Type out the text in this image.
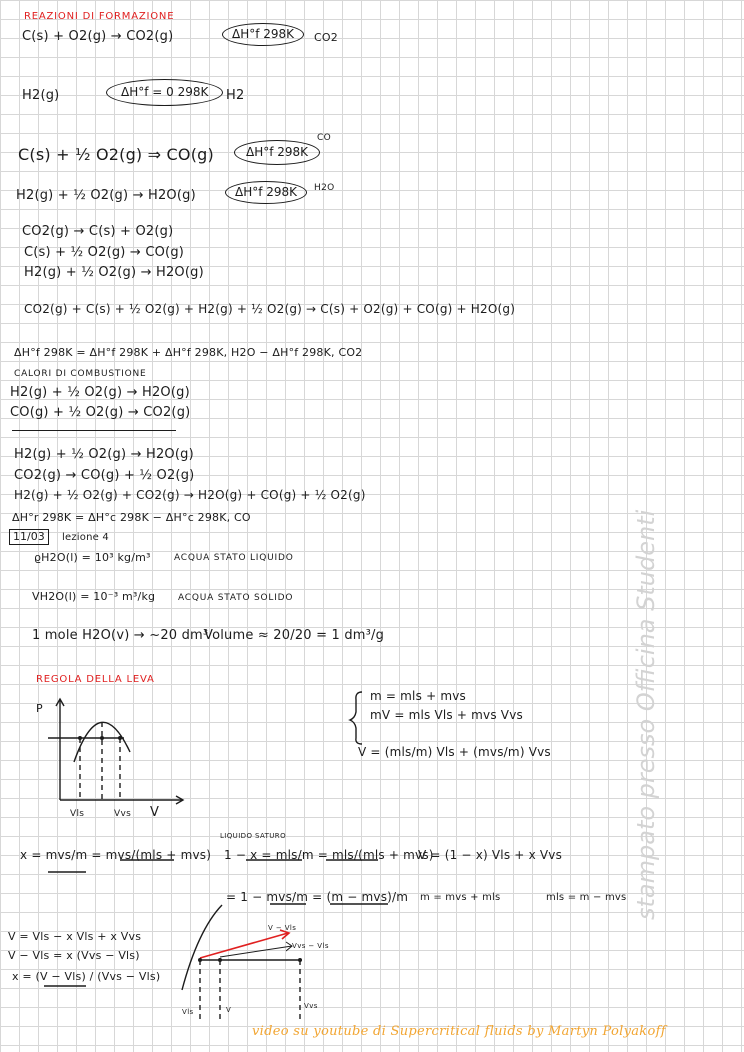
REAZIONI DI FORMAZIONE
C(s) + O2(g) → CO2(g)	ΔH°f 298K	CO2
H2(g)	ΔH°f = 0 298K	H2
C(s) + ½ O2(g) ⇒ CO(g)	ΔH°f 298K
CO
H2(g) + ½ O2(g) → H2O(g)	ΔH°f 298K	H2O
CO2(g) → C(s) + O2(g)
C(s) + ½ O2(g) → CO(g)
H2(g) + ½ O2(g) → H2O(g)
CO2(g) + C(s) + ½ O2(g) + H2(g) + ½ O2(g) → C(s) + O2(g) + CO(g) + H2O(g)
ΔH°f 298K = ΔH°f 298K + ΔH°f 298K, H2O − ΔH°f 298K, CO2
CALORI DI COMBUSTIONE
H2(g) + ½ O2(g) → H2O(g)
CO(g) + ½ O2(g) → CO2(g)
H2(g) + ½ O2(g) → H2O(g)
CO2(g) → CO(g) + ½ O2(g)
H2(g) + ½ O2(g) + CO2(g) → H2O(g) + CO(g) + ½ O2(g)
ΔH°r 298K = ΔH°c 298K − ΔH°c 298K, CO
11/03	lezione 4
ϱH2O(l) = 10³ kg/m³	ACQUA STATO LIQUIDO
VH2O(l) = 10⁻³ m³/kg	ACQUA STATO SOLIDO
1 mole H2O(v) → ~20 dm³
Volume ≈ 20/20 = 1 dm³/g
REGOLA DELLA LEVA
P
V
Vls	Vvs
m = mls + mvs
mV = mls Vls + mvs Vvs
V = (mls/m) Vls + (mvs/m) Vvs
x = mvs/m = mvs/(mls + mvs)
LIQUIDO SATURO
1 − x = mls/m = mls/(mls + mvs)
V = (1 − x) Vls + x Vvs
= 1 − mvs/m = (m − mvs)/m m = mvs + mls	mls = m − mvs
V = Vls − x Vls + x Vvs
V − Vls = x (Vvs − Vls)
x = (V − Vls) / (Vvs − Vls)
V − Vls
Vvs − Vls
Vls	V	Vvs
stampato presso Officina Studenti
video su youtube di Supercritical fluids by Martyn Polyakoff
